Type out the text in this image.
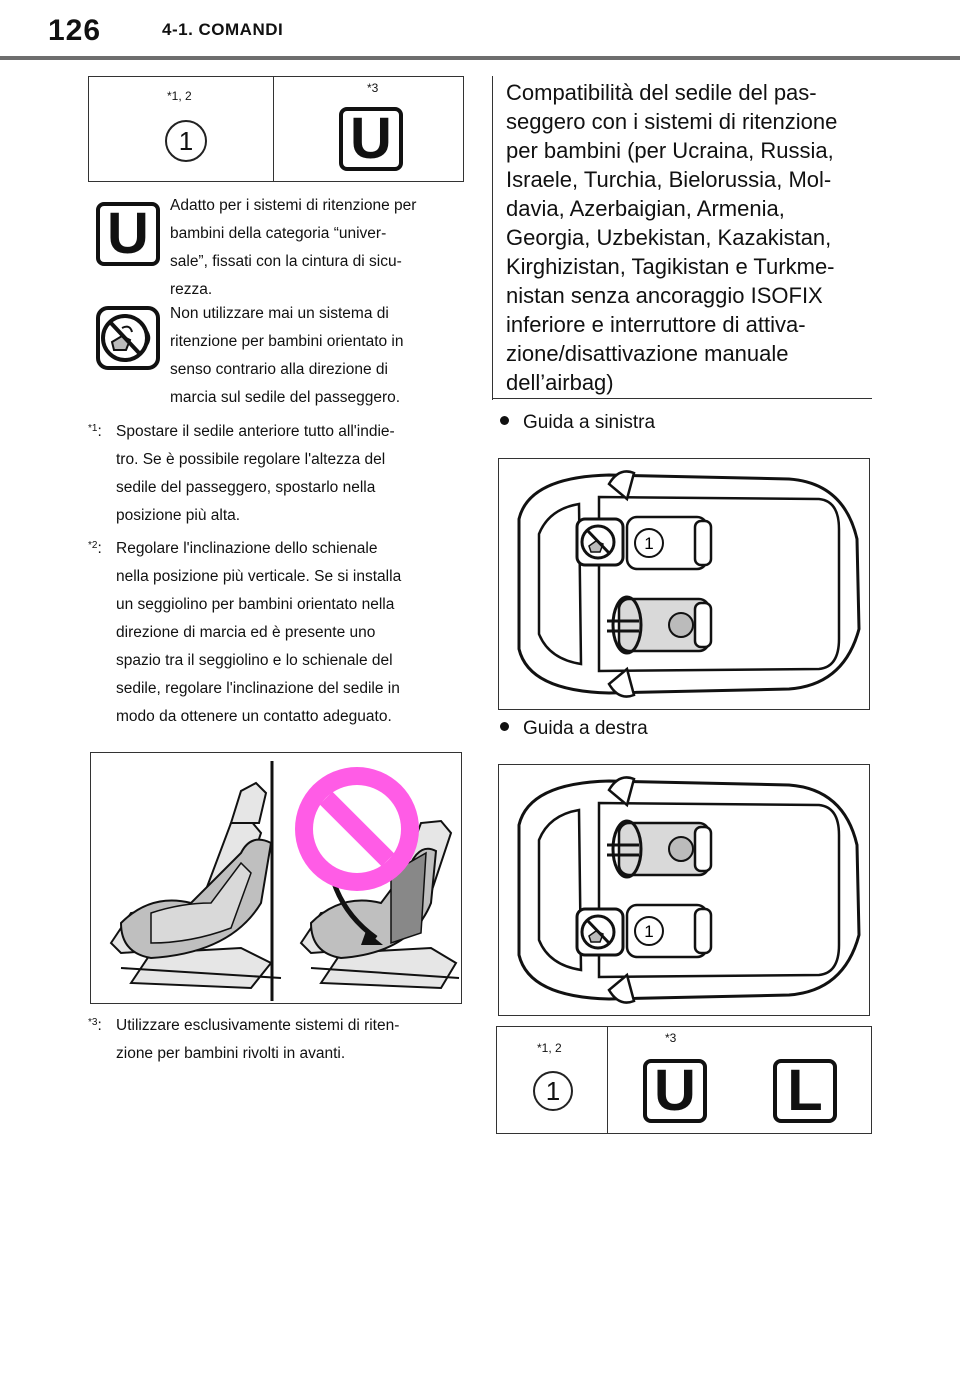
126	4-1. COMANDI
*1, 2
1
*3
U
U	Adatto per i sistemi di ritenzione per
bambini della categoria “univer-
sale”, fissati con la cintura di sicu-
rezza.
Non utilizzare mai un sistema di
ritenzione per bambini orientato in
senso contrario alla direzione di
marcia sul sedile del passeggero.
$^{*1}$: Spostare il sedile anteriore tutto all'indie-
tro. Se è possibile regolare l'altezza del
sedile del passeggero, spostarlo nella
posizione più alta.
$^{*2}$: Regolare l'inclinazione dello schienale
nella posizione più verticale. Se si installa
un seggiolino per bambini orientato nella
direzione di marcia ed è presente uno
spazio tra il seggiolino e lo schienale del
sedile, regolare l'inclinazione del sedile in
modo da ottenere un contatto adeguato.
$^{*3}$: Utilizzare esclusivamente sistemi di riten-
zione per bambini rivolti in avanti.
Compatibilità del sedile del pas-
seggero con i sistemi di ritenzione
per bambini (per Ucraina, Russia,
Israele, Turchia, Bielorussia, Mol-
davia, Azerbaigian, Armenia,
Georgia, Uzbekistan, Kazakistan,
Kirghizistan, Tagikistan e Turkme-
nistan senza ancoraggio ISOFIX
inferiore e interruttore di attiva-
zione/disattivazione manuale
dell’airbag)
Guida a sinistra
1
Guida a destra
1
*1, 2
1
*3
U L
